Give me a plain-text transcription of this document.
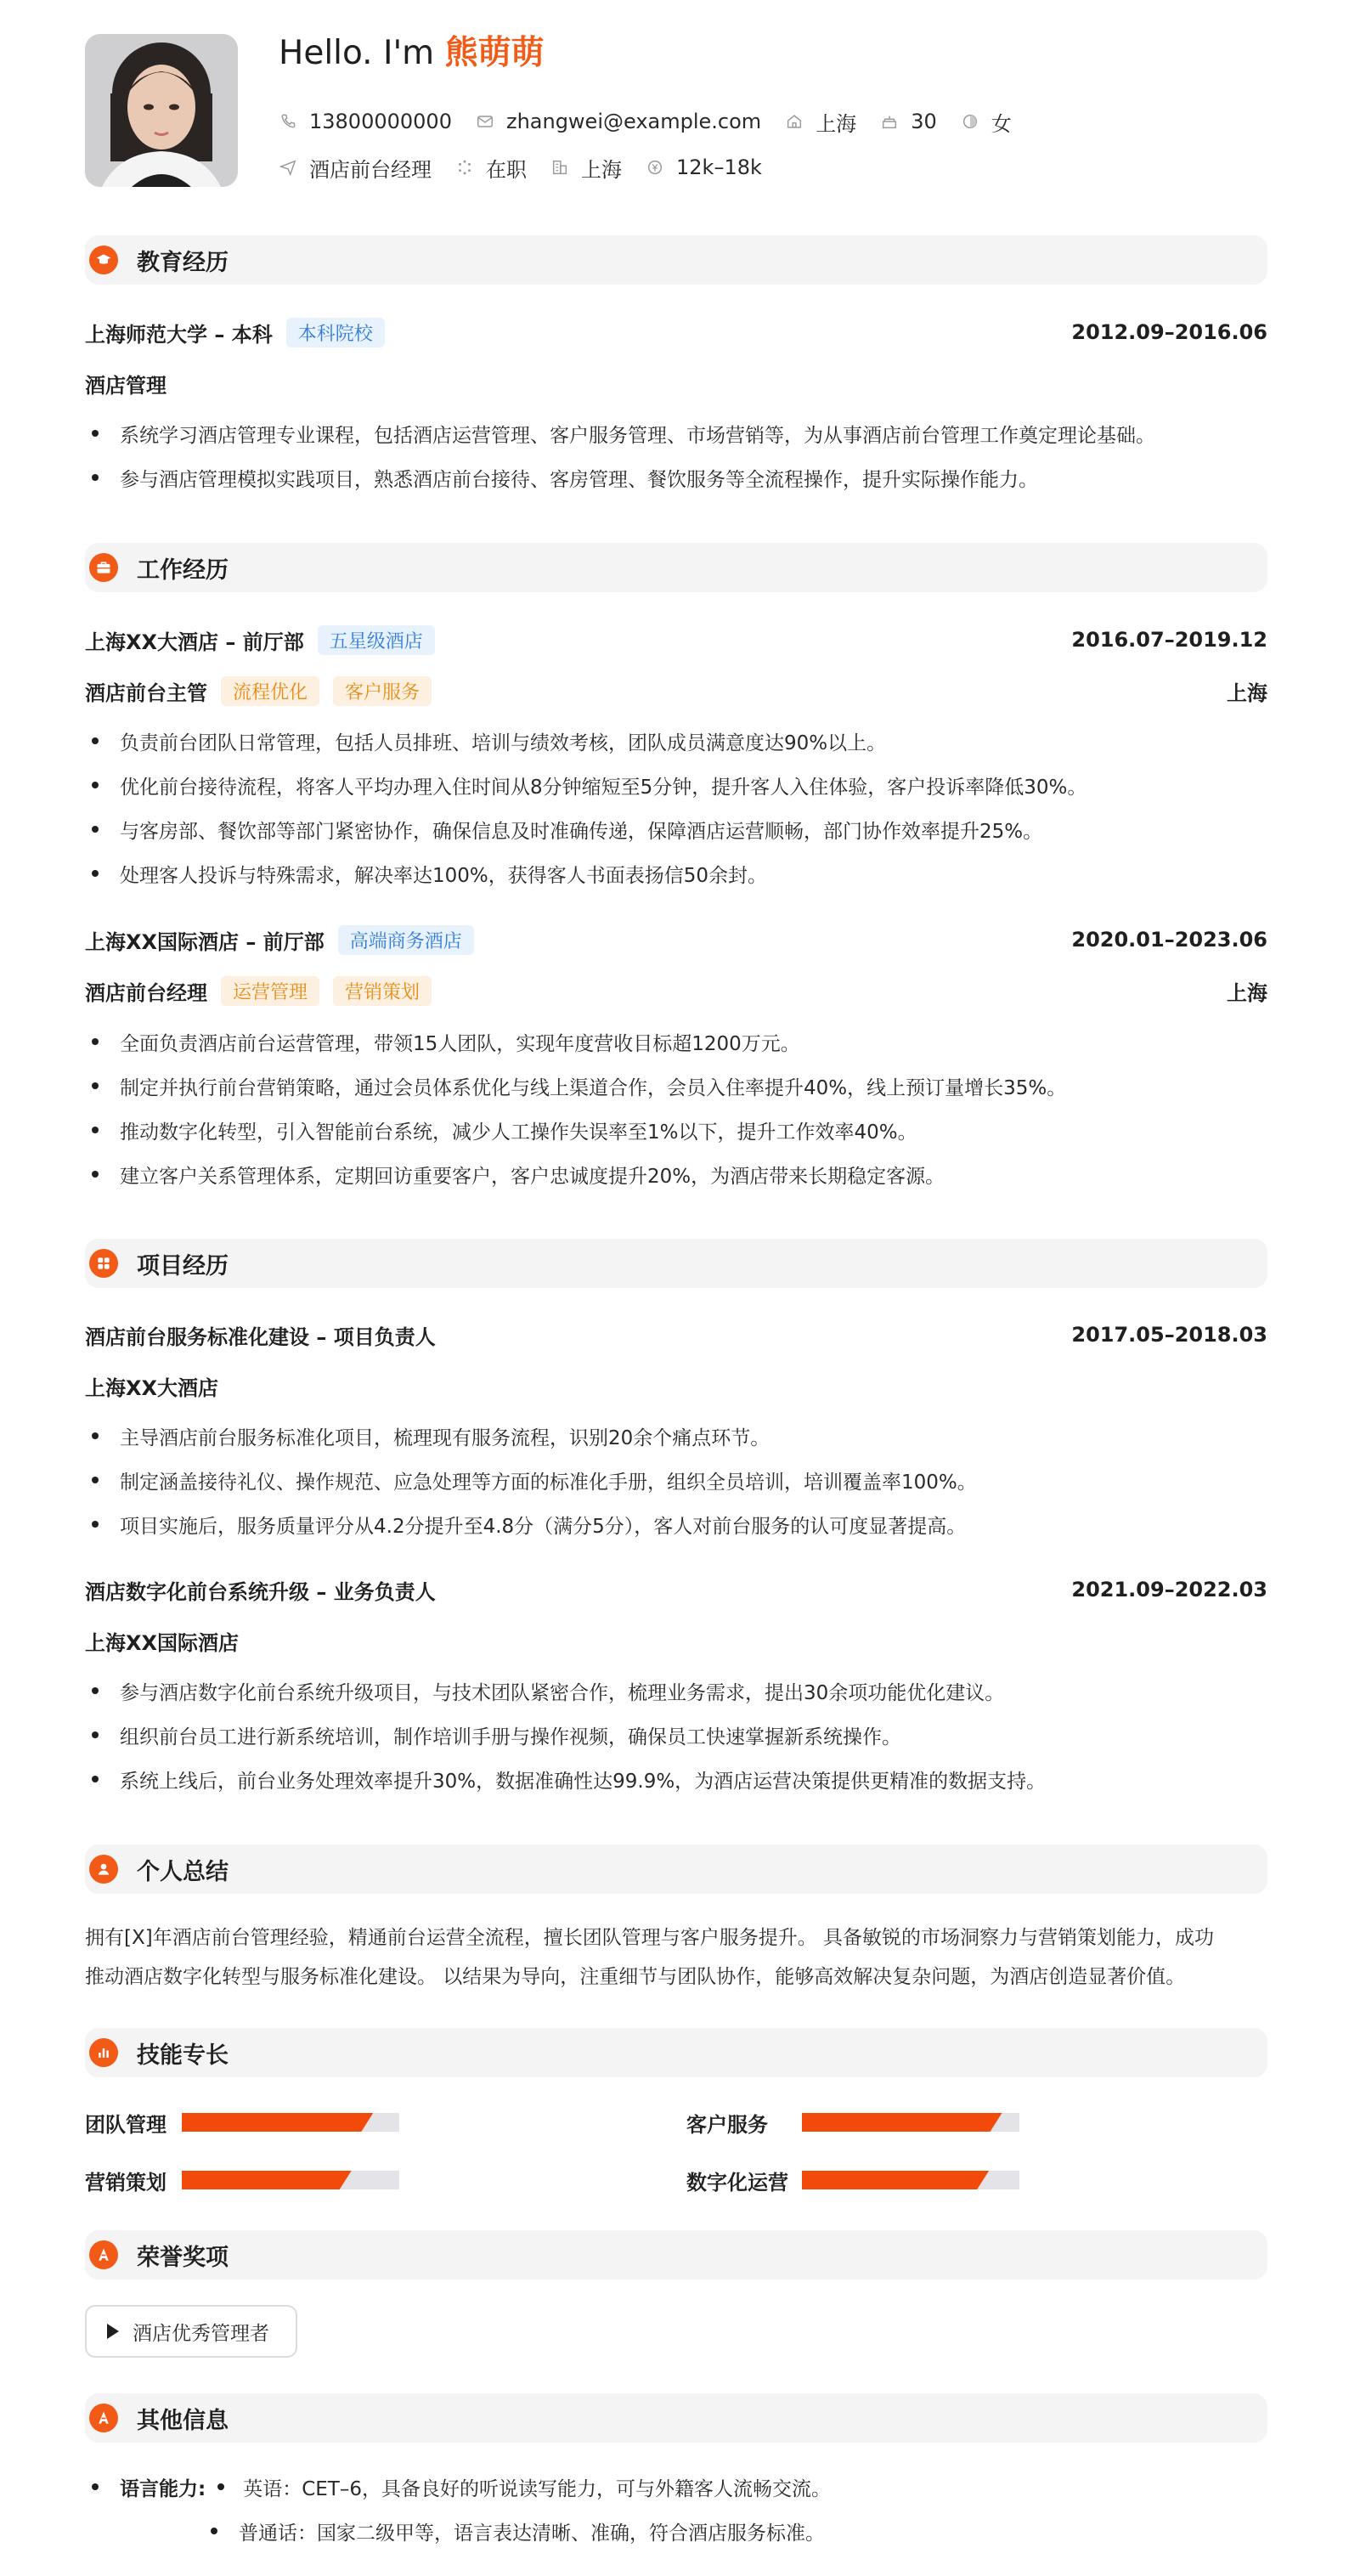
Hello. I'm 熊萌萌
13800000000	zhangwei@example.com	上海	30	女
酒店前台经理	在职	上海	12k–18k
教育经历
上海师范大学 – 本科	本科院校	2012.09–2016.06
酒店管理
系统学习酒店管理专业课程，包括酒店运营管理、客户服务管理、市场营销等，为从事酒店前台管理工作奠定理论基础。
参与酒店管理模拟实践项目，熟悉酒店前台接待、客房管理、餐饮服务等全流程操作，提升实际操作能力。
工作经历
上海XX大酒店 – 前厅部	五星级酒店	2016.07–2019.12
酒店前台主管	流程优化	客户服务	上海
负责前台团队日常管理，包括人员排班、培训与绩效考核，团队成员满意度达90%以上。
优化前台接待流程，将客人平均办理入住时间从8分钟缩短至5分钟，提升客人入住体验，客户投诉率降低30%。
与客房部、餐饮部等部门紧密协作，确保信息及时准确传递，保障酒店运营顺畅，部门协作效率提升25%。
处理客人投诉与特殊需求，解决率达100%，获得客人书面表扬信50余封。
上海XX国际酒店 – 前厅部	高端商务酒店	2020.01–2023.06
酒店前台经理	运营管理	营销策划	上海
全面负责酒店前台运营管理，带领15人团队，实现年度营收目标超1200万元。
制定并执行前台营销策略，通过会员体系优化与线上渠道合作，会员入住率提升40%，线上预订量增长35%。
推动数字化转型，引入智能前台系统，减少人工操作失误率至1%以下，提升工作效率40%。
建立客户关系管理体系，定期回访重要客户，客户忠诚度提升20%，为酒店带来长期稳定客源。
项目经历
酒店前台服务标准化建设 – 项目负责人	2017.05–2018.03
上海XX大酒店
主导酒店前台服务标准化项目，梳理现有服务流程，识别20余个痛点环节。
制定涵盖接待礼仪、操作规范、应急处理等方面的标准化手册，组织全员培训，培训覆盖率100%。
项目实施后，服务质量评分从4.2分提升至4.8分（满分5分），客人对前台服务的认可度显著提高。
酒店数字化前台系统升级 – 业务负责人	2021.09–2022.03
上海XX国际酒店
参与酒店数字化前台系统升级项目，与技术团队紧密合作，梳理业务需求，提出30余项功能优化建议。
组织前台员工进行新系统培训，制作培训手册与操作视频，确保员工快速掌握新系统操作。
系统上线后，前台业务处理效率提升30%，数据准确性达99.9%，为酒店运营决策提供更精准的数据支持。
个人总结
拥有[X]年酒店前台管理经验，精通前台运营全流程，擅长团队管理与客户服务提升。 具备敏锐的市场洞察力与营销策划能力，成功
推动酒店数字化转型与服务标准化建设。 以结果为导向，注重细节与团队协作，能够高效解决复杂问题，为酒店创造显著价值。
技能专长
团队管理	客户服务
营销策划	数字化运营
荣誉奖项
酒店优秀管理者
其他信息
语言能力: 英语：CET–6，具备良好的听说读写能力，可与外籍客人流畅交流。
普通话：国家二级甲等，语言表达清晰、准确，符合酒店服务标准。
